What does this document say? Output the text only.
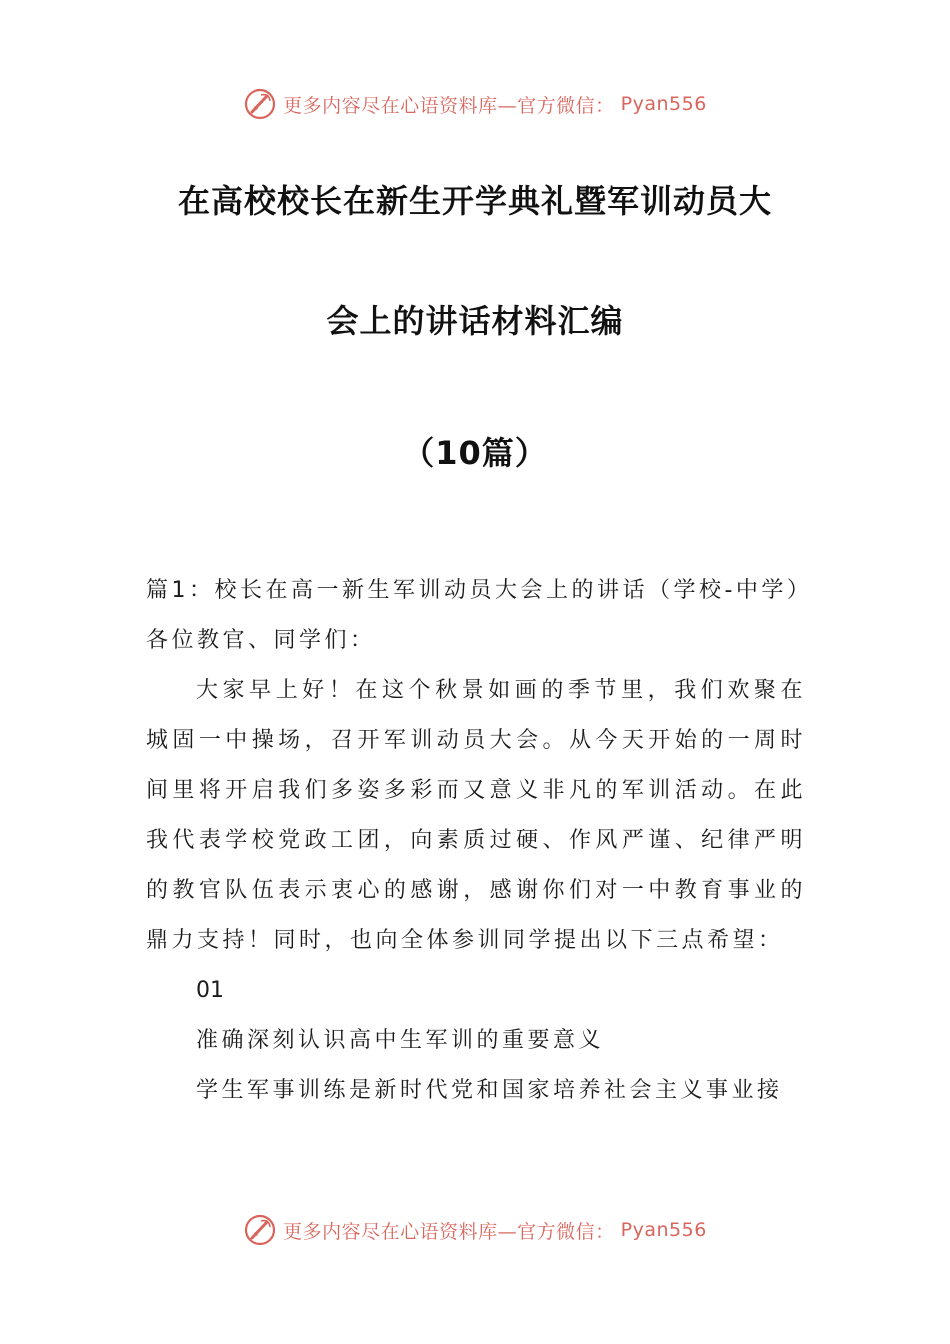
更多内容尽在心语资料库—官方微信： Pyan556
在高校校长在新生开学典礼暨军训动员大
会上的讲话材料汇编
（10篇）

篇1：校长在高一新生军训动员大会上的讲话（学校-中学）

各位教官、同学们：

大家早上好！在这个秋景如画的季节里，我们欢聚在城固一中操场，召开军训动员大会。从今天开始的一周时间里将开启我们多姿多彩而又意义非凡的军训活动。在此我代表学校党政工团，向素质过硬、作风严谨、纪律严明的教官队伍表示衷心的感谢，感谢你们对一中教育事业的鼎力支持！同时，也向全体参训同学提出以下三点希望：

01

准确深刻认识高中生军训的重要意义

学生军事训练是新时代党和国家培养社会主义事业接

更多内容尽在心语资料库—官方微信： Pyan556
